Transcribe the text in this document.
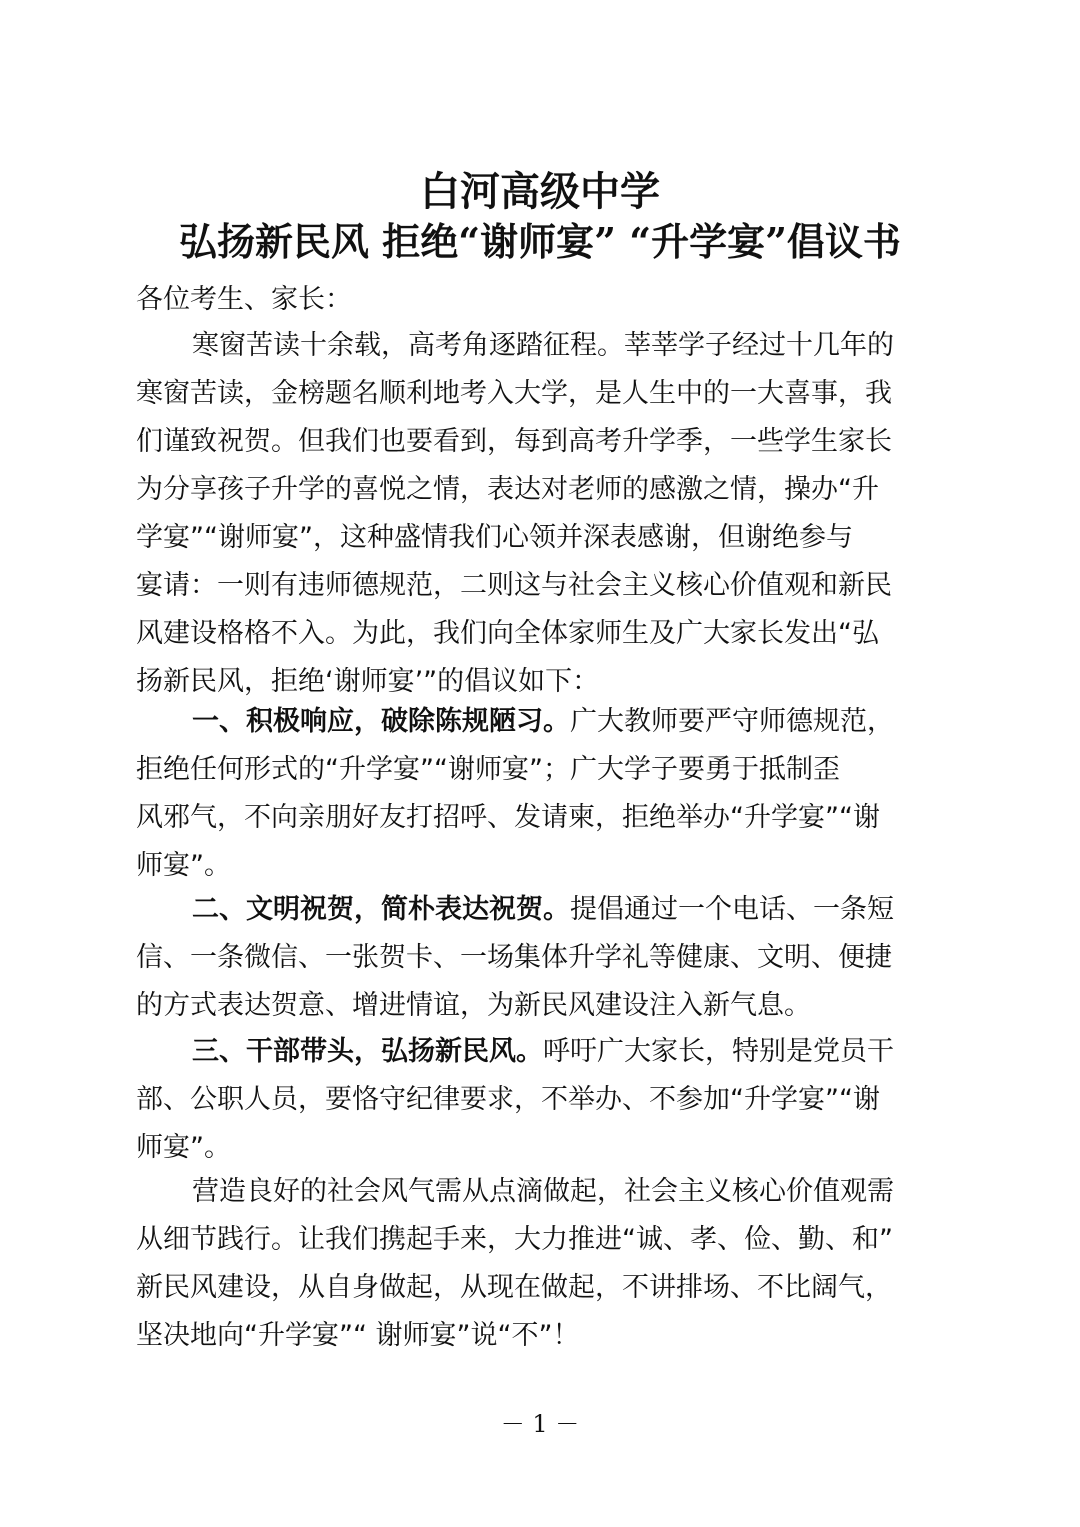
白河高级中学
弘扬新民风 拒绝“谢师宴” “升学宴”倡议书
各位考生、家长：
寒窗苦读十余载，高考角逐踏征程。莘莘学子经过十几年的
寒窗苦读，金榜题名顺利地考入大学，是人生中的一大喜事，我
们谨致祝贺。但我们也要看到，每到高考升学季，一些学生家长
为分享孩子升学的喜悦之情，表达对老师的感激之情，操办“升
学宴”“谢师宴”，这种盛情我们心领并深表感谢，但谢绝参与
宴请：一则有违师德规范，二则这与社会主义核心价值观和新民
风建设格格不入。为此，我们向全体家师生及广大家长发出“弘
扬新民风，拒绝‘谢师宴’”的倡议如下：
一、积极响应，破除陈规陋习。广大教师要严守师德规范，
拒绝任何形式的“升学宴”“谢师宴”；广大学子要勇于抵制歪
风邪气，不向亲朋好友打招呼、发请柬，拒绝举办“升学宴”“谢
师宴”。
二、文明祝贺，简朴表达祝贺。提倡通过一个电话、一条短
信、一条微信、一张贺卡、一场集体升学礼等健康、文明、便捷
的方式表达贺意、增进情谊，为新民风建设注入新气息。
三、干部带头，弘扬新民风。呼吁广大家长，特别是党员干
部、公职人员，要恪守纪律要求，不举办、不参加“升学宴”“谢
师宴”。
营造良好的社会风气需从点滴做起，社会主义核心价值观需
从细节践行。让我们携起手来，大力推进“诚、孝、俭、勤、和”
新民风建设，从自身做起，从现在做起，不讲排场、不比阔气，
坚决地向“升学宴”“ 谢师宴”说“不”！
－ 1 －
